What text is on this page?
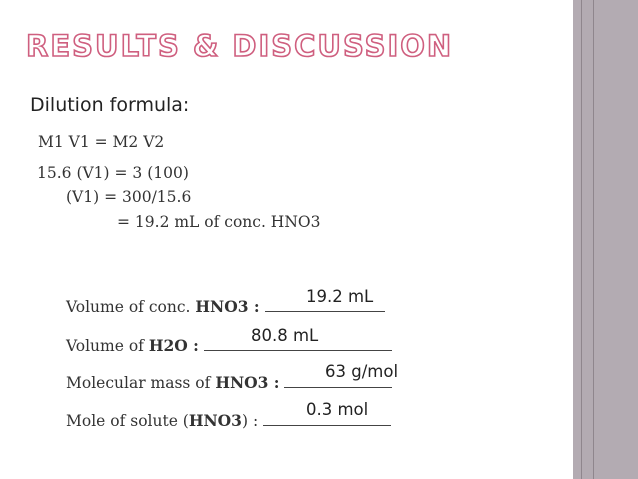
RESULTS & DISCUSSION
Dilution formula:
M1 V1 = M2 V2
15.6 (V1) = 3 (100)
(V1) = 300/15.6
= 19.2 mL of conc. HNO3
Volume of conc. HNO3 :
19.2 mL
Volume of H2O :
80.8 mL
Molecular mass of HNO3 :
63 g/mol
Mole of solute (HNO3) :
0.3 mol
